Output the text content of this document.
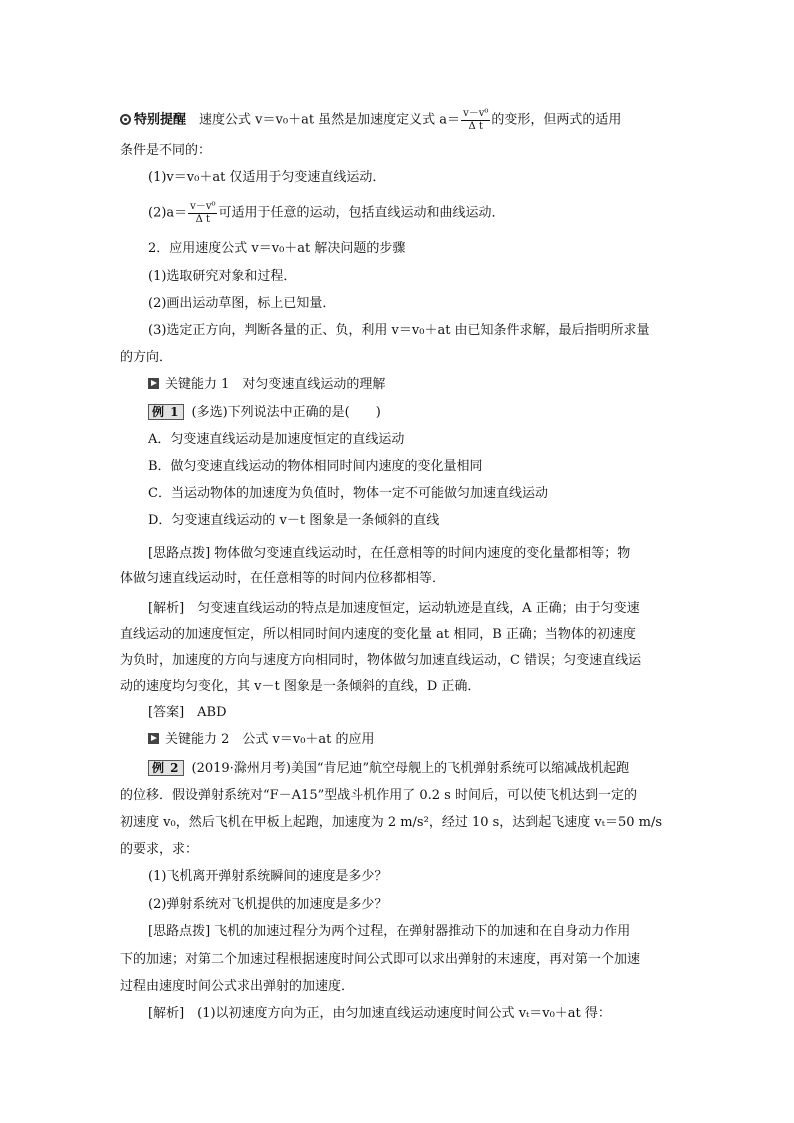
特别提醒　 速度公式 v＝v₀＋at 虽然是加速度定义式 $a= \frac{\text{v－v⁰}}{\text{Δ t}}$ 的变形，但两式的适用
条件是不同的：
(1)v＝v₀＋at 仅适用于匀变速直线运动．
$(2)a= \frac{\text{v－v⁰}}{\text{Δ t}}$ 可适用于任意的运动，包括直线运动和曲线运动．
2．应用速度公式 v＝v₀＋at 解决问题的步骤
(1)选取研究对象和过程．
(2)画出运动草图，标上已知量．
(3)选定正方向，判断各量的正、负，利用 v＝v₀＋at 由已知条件求解，最后指明所求量
的方向．
关键能力 1　对匀变速直线运动的理解
例 1 (多选)下列说法中正确的是(　　)
A．匀变速直线运动是加速度恒定的直线运动
B．做匀变速直线运动的物体相同时间内速度的变化量相同
C．当运动物体的加速度为负值时，物体一定不可能做匀加速直线运动
D．匀变速直线运动的 v－t 图象是一条倾斜的直线
[思路点拨] 物体做匀变速直线运动时，在任意相等的时间内速度的变化量都相等；物
体做匀速直线运动时，在任意相等的时间内位移都相等．
[解析]　匀变速直线运动的特点是加速度恒定，运动轨迹是直线，A 正确；由于匀变速
直线运动的加速度恒定，所以相同时间内速度的变化量 at 相同，B 正确；当物体的初速度
为负时，加速度的方向与速度方向相同时，物体做匀加速直线运动，C 错误；匀变速直线运
动的速度均匀变化，其 v－t 图象是一条倾斜的直线，D 正确．
[答案]　ABD
关键能力 2　公式 v＝v₀＋at 的应用
例 2 (2019·滁州月考)美国“肯尼迪”航空母舰上的飞机弹射系统可以缩减战机起跑
的位移．假设弹射系统对“F－A15”型战斗机作用了 0.2 s 时间后，可以使飞机达到一定的
初速度 v₀，然后飞机在甲板上起跑，加速度为 2 m/s²，经过 10 s，达到起飞速度 vₜ＝50 m/s
的要求，求：
(1)飞机离开弹射系统瞬间的速度是多少？
(2)弹射系统对飞机提供的加速度是多少？
[思路点拨] 飞机的加速过程分为两个过程，在弹射器推动下的加速和在自身动力作用
下的加速；对第二个加速过程根据速度时间公式即可以求出弹射的末速度，再对第一个加速
过程由速度时间公式求出弹射的加速度．
[解析]　(1)以初速度方向为正，由匀加速直线运动速度时间公式 vₜ＝v₀＋at 得：
